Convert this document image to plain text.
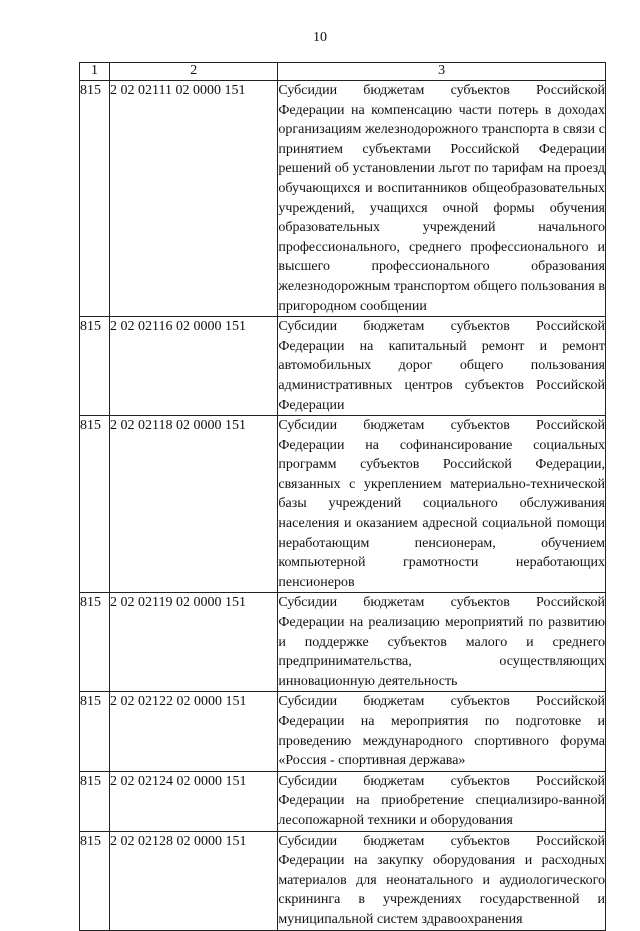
10
1	2	3
815	2 02 02111 02 0000 151	Субсидии бюджетам субъектов Российской Федерации на компенсацию части потерь в доходах организациям железнодорожного транспорта в связи с принятием субъектами Российской Федерации решений об установлении льгот по тарифам на проезд обучающихся и воспитанников общеобразовательных учреждений, учащихся очной формы обучения образовательных учреждений начального профессионального, среднего профессионального и высшего профессионального образования железнодорожным транспортом общего пользования в пригородном сообщении
815	2 02 02116 02 0000 151	Субсидии бюджетам субъектов Российской Федерации на капитальный ремонт и ремонт автомобильных дорог общего пользования административных центров субъектов Российской Федерации
815	2 02 02118 02 0000 151	Субсидии бюджетам субъектов Российской Федерации на софинансирование социальных программ субъектов Российской Федерации, связанных с укреплением материально-технической базы учреждений социального обслуживания населения и оказанием адресной социальной помощи неработающим пенсионерам, обучением компьютерной грамотности неработающих пенсионеров
815	2 02 02119 02 0000 151	Субсидии бюджетам субъектов Российской Федерации на реализацию мероприятий по развитию и поддержке субъектов малого и среднего предпринимательства, осуществляющих инновационную деятельность
815	2 02 02122 02 0000 151	Субсидии бюджетам субъектов Российской Федерации на мероприятия по подготовке и проведению международного спортивного форума «Россия - спортивная держава»
815	2 02 02124 02 0000 151	Субсидии бюджетам субъектов Российской Федерации на приобретение специализиро-ванной лесопожарной техники и оборудования
815	2 02 02128 02 0000 151	Субсидии бюджетам субъектов Российской Федерации на закупку оборудования и расходных материалов для неонатального и аудиологического скрининга в учреждениях государственной и муниципальной систем здравоохранения
